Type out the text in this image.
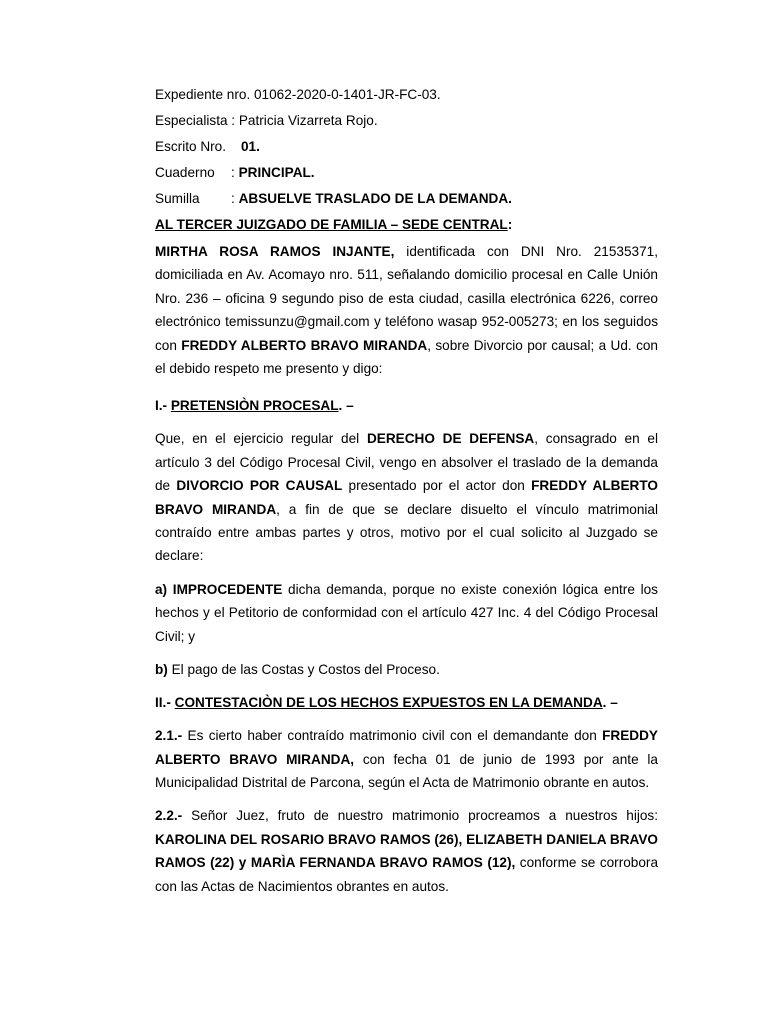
Expediente nro. 01062-2020-0-1401-JR-FC-03.
Especialista : Patricia Vizarreta Rojo.
Escrito Nro. 01.
Cuaderno : PRINCIPAL.
Sumilla : ABSUELVE TRASLADO DE LA DEMANDA.
AL TERCER JUIZGADO DE FAMILIA – SEDE CENTRAL:

MIRTHA ROSA RAMOS INJANTE, identificada con DNI Nro. 21535371, domiciliada en Av. Acomayo nro. 511, señalando domicilio procesal en Calle Unión Nro. 236 – oficina 9 segundo piso de esta ciudad, casilla electrónica 6226, correo electrónico temissunzu@gmail.com y teléfono wasap 952-005273; en los seguidos con FREDDY ALBERTO BRAVO MIRANDA, sobre Divorcio por causal; a Ud. con el debido respeto me presento y digo:

I.- PRETENSIÒN PROCESAL. –

Que, en el ejercicio regular del DERECHO DE DEFENSA, consagrado en el artículo 3 del Código Procesal Civil, vengo en absolver el traslado de la demanda de DIVORCIO POR CAUSAL presentado por el actor don FREDDY ALBERTO BRAVO MIRANDA, a fin de que se declare disuelto el vínculo matrimonial contraído entre ambas partes y otros, motivo por el cual solicito al Juzgado se declare:

a) IMPROCEDENTE dicha demanda, porque no existe conexión lógica entre los hechos y el Petitorio de conformidad con el artículo 427 Inc. 4 del Código Procesal Civil; y

b) El pago de las Costas y Costos del Proceso.

II.- CONTESTACIÒN DE LOS HECHOS EXPUESTOS EN LA DEMANDA. –

2.1.- Es cierto haber contraído matrimonio civil con el demandante don FREDDY ALBERTO BRAVO MIRANDA, con fecha 01 de junio de 1993 por ante la Municipalidad Distrital de Parcona, según el Acta de Matrimonio obrante en autos.

2.2.- Señor Juez, fruto de nuestro matrimonio procreamos a nuestros hijos: KAROLINA DEL ROSARIO BRAVO RAMOS (26), ELIZABETH DANIELA BRAVO RAMOS (22) y MARÌA FERNANDA BRAVO RAMOS (12), conforme se corrobora con las Actas de Nacimientos obrantes en autos.
